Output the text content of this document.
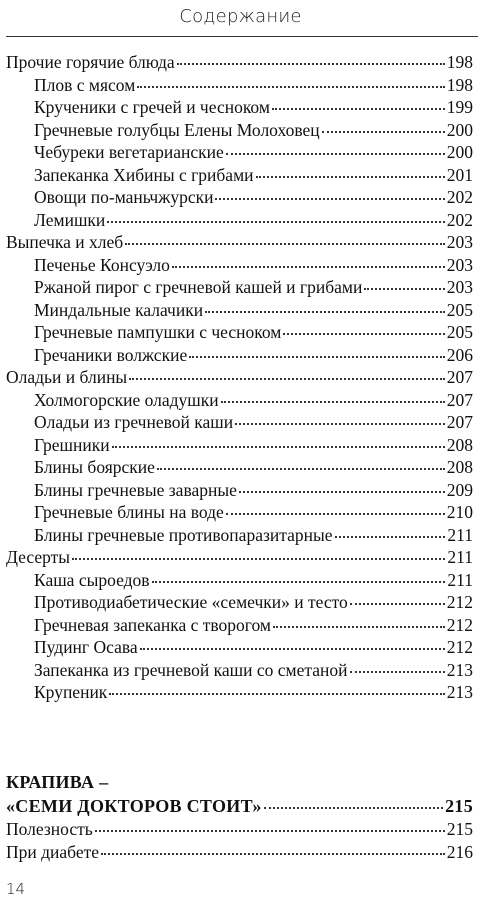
Содержание
Прочие горячие блюда	198
Плов с мясом	198
Крученики с гречей и чесноком	199
Гречневые голубцы Елены Молоховец	200
Чебуреки вегетарианские	200
Запеканка Хибины с грибами	201
Овощи по-маньчжурски	202
Лемишки	202
Выпечка и хлеб	203
Печенье Консуэло	203
Ржаной пирог с гречневой кашей и грибами	203
Миндальные калачики	205
Гречневые пампушки с чесноком	205
Гречаники волжские	206
Оладьи и блины	207
Холмогорские оладушки	207
Оладьи из гречневой каши	207
Грешники	208
Блины боярские	208
Блины гречневые заварные	209
Гречневые блины на воде	210
Блины гречневые противопаразитарные	211
Десерты	211
Каша сыроедов	211
Противодиабетические «семечки» и тесто	212
Гречневая запеканка с творогом	212
Пудинг Осава	212
Запеканка из гречневой каши со сметаной	213
Крупеник	213
КРАПИВА –
«СЕМИ ДОКТОРОВ СТОИТ»	215
Полезность	215
При диабете	216
14
